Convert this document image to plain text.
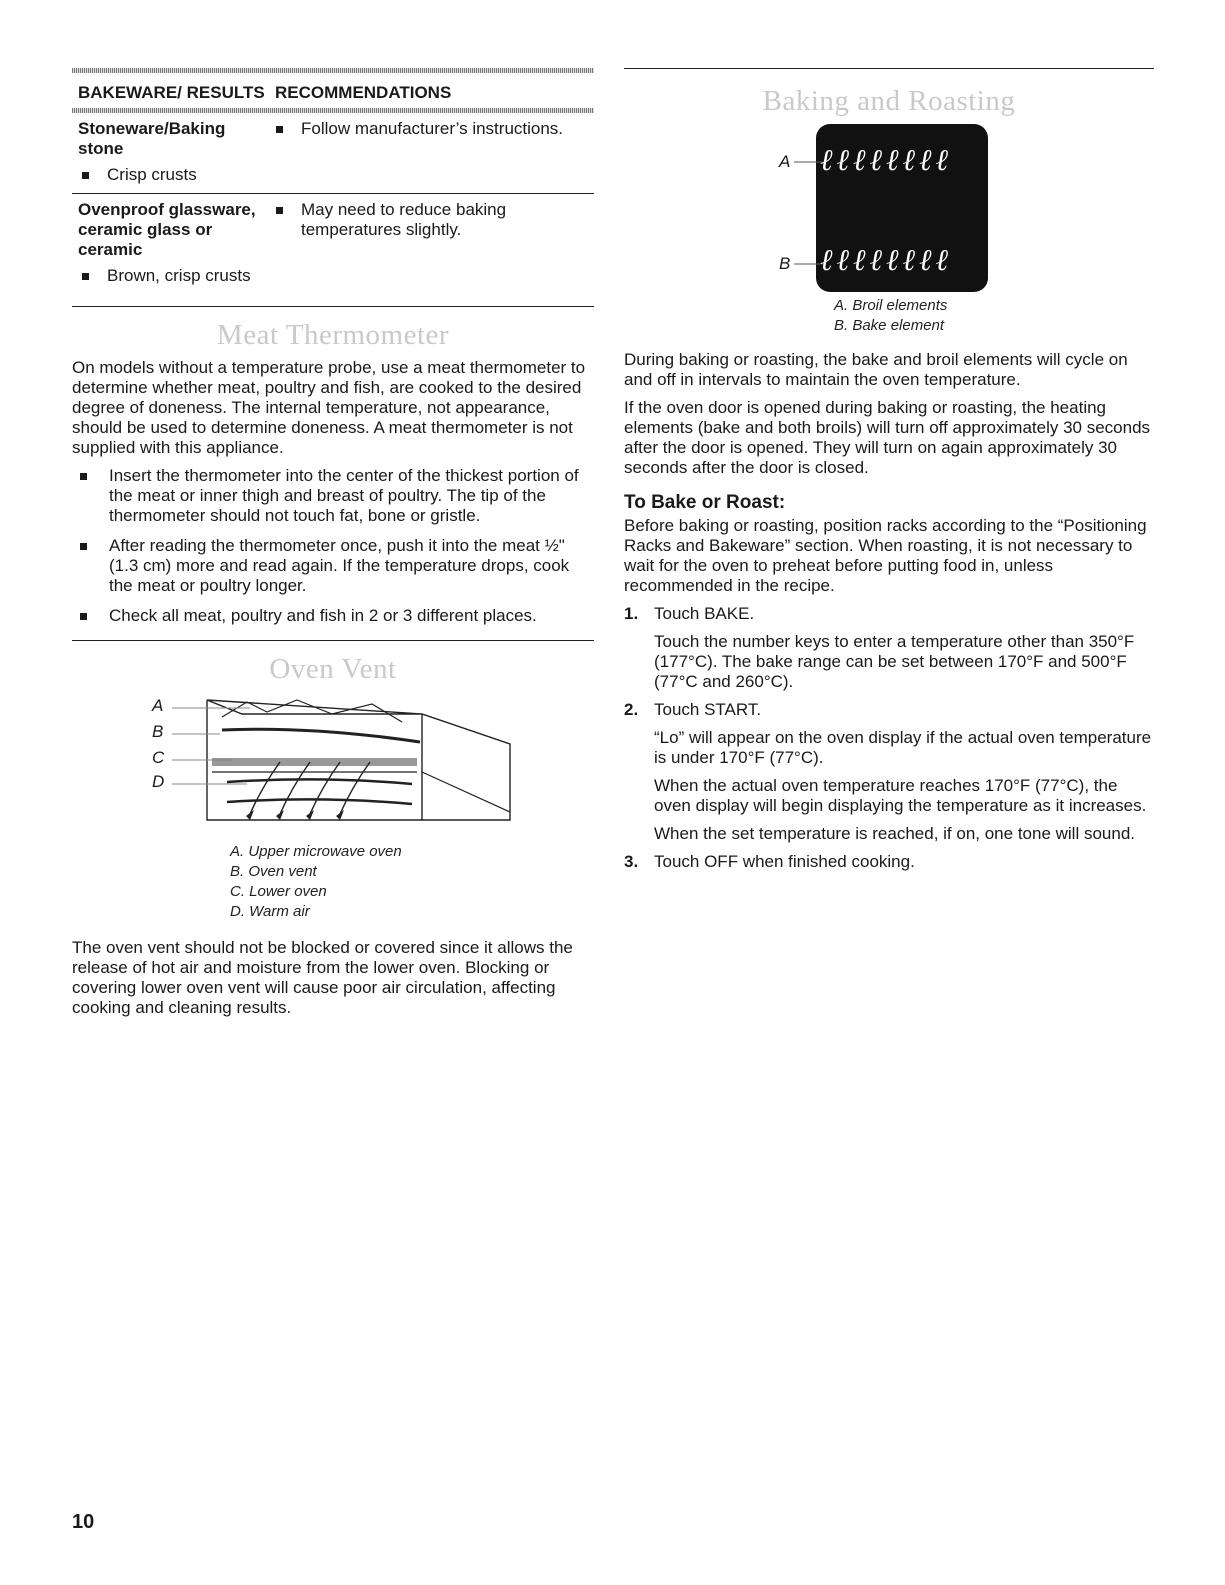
BAKEWARE/ RESULTS RECOMMENDATIONS
Stoneware/Baking stone
Crisp crusts
Follow manufacturer’s instructions.
Ovenproof glassware, ceramic glass or ceramic
Brown, crisp crusts
May need to reduce baking temperatures slightly.
Meat Thermometer

On models without a temperature probe, use a meat thermometer to determine whether meat, poultry and fish, are cooked to the desired degree of doneness. The internal temperature, not appearance, should be used to determine doneness. A meat thermometer is not supplied with this appliance.

Insert the thermometer into the center of the thickest portion of the meat or inner thigh and breast of poultry. The tip of the thermometer should not touch fat, bone or gristle.
After reading the thermometer once, push it into the meat ½" (1.3 cm) more and read again. If the temperature drops, cook the meat or poultry longer.
Check all meat, poultry and fish in 2 or 3 different places.
Oven Vent
A
B
C
D
A. Upper microwave oven
B. Oven vent
C. Lower oven
D. Warm air

The oven vent should not be blocked or covered since it allows the release of hot air and moisture from the lower oven. Blocking or covering lower oven vent will cause poor air circulation, affecting cooking and cleaning results.

Baking and Roasting
ℓℓℓℓℓℓℓℓ
ℓℓℓℓℓℓℓℓ
A
B
A. Broil elements
B. Bake element

During baking or roasting, the bake and broil elements will cycle on and off in intervals to maintain the oven temperature.

If the oven door is opened during baking or roasting, the heating elements (bake and both broils) will turn off approximately 30 seconds after the door is opened. They will turn on again approximately 30 seconds after the door is closed.

To Bake or Roast:

Before baking or roasting, position racks according to the “Positioning Racks and Bakeware” section. When roasting, it is not necessary to wait for the oven to preheat before putting food in, unless recommended in the recipe.

1. Touch BAKE.
Touch the number keys to enter a temperature other than 350°F (177°C). The bake range can be set between 170°F and 500°F (77°C and 260°C).
2. Touch START.
“Lo” will appear on the oven display if the actual oven temperature is under 170°F (77°C).
When the actual oven temperature reaches 170°F (77°C), the oven display will begin displaying the temperature as it increases.
When the set temperature is reached, if on, one tone will sound.
3. Touch OFF when finished cooking.
10
